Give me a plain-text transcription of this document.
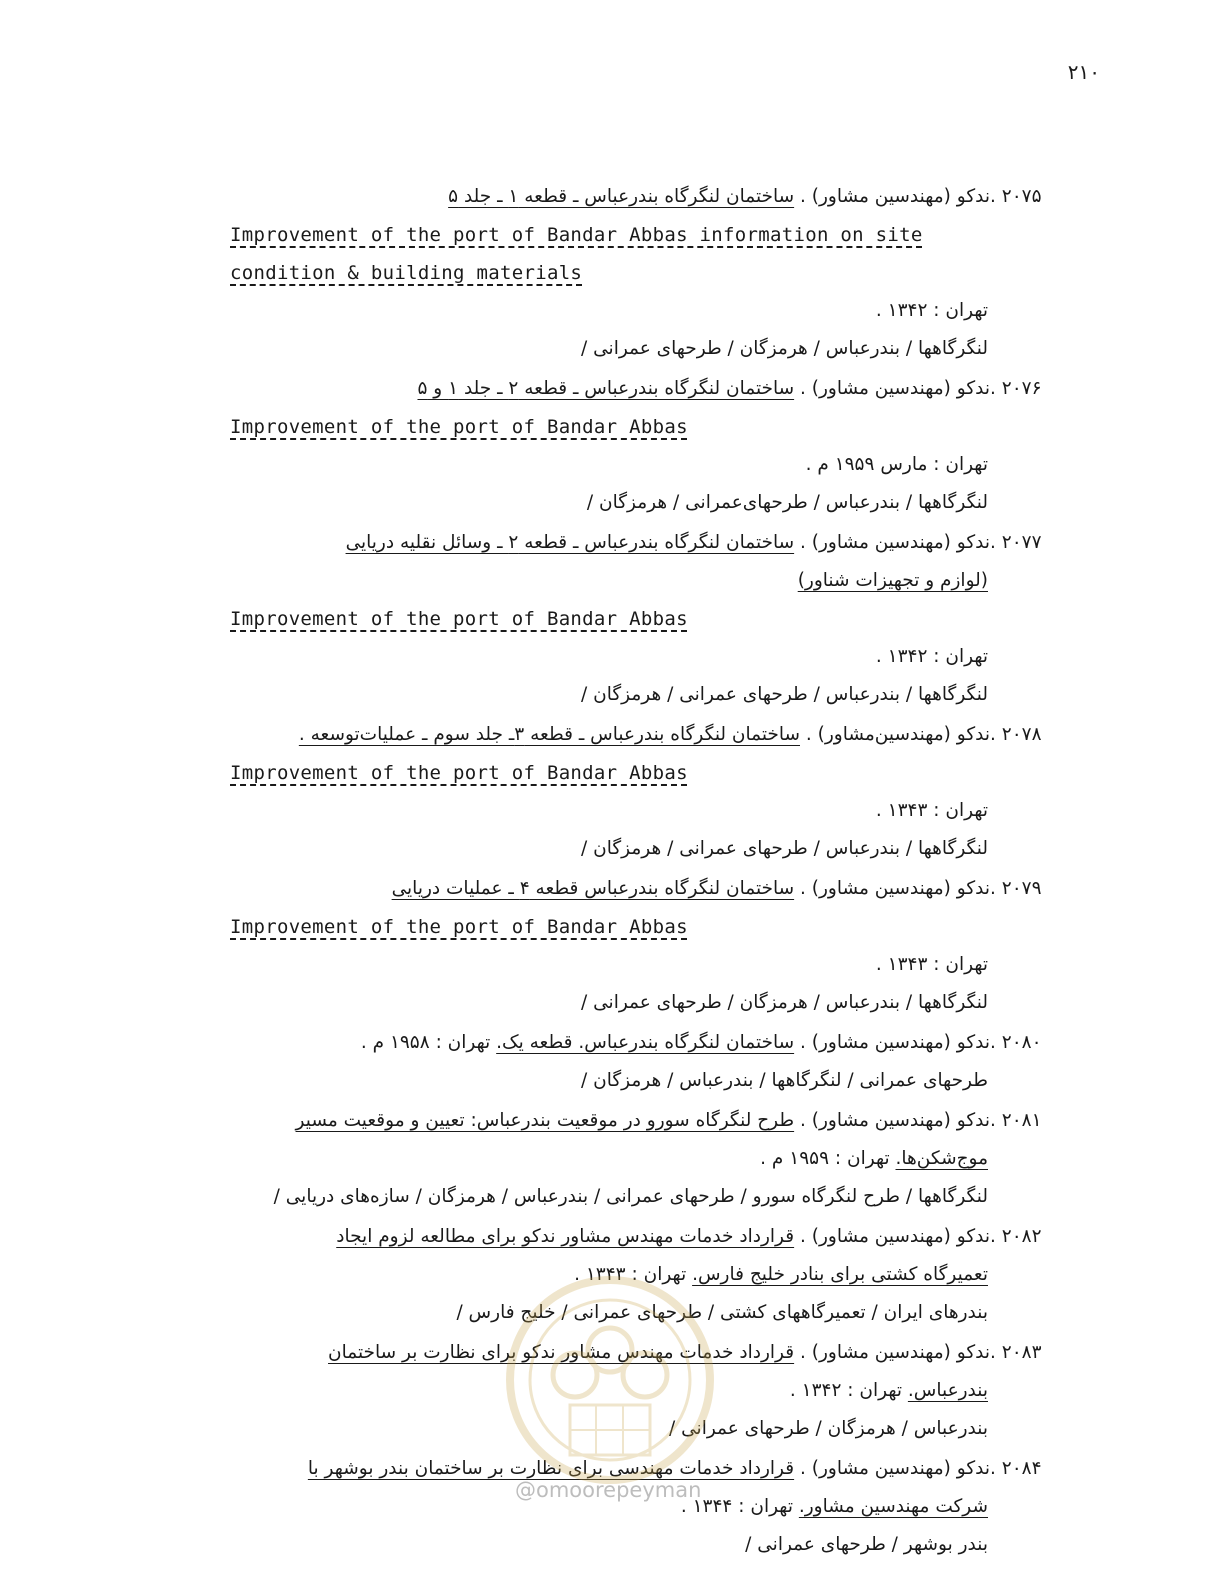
۲۱۰
۲۰۷۵ .ندکو (مهندسین مشاور) . ساختمان لنگرگاه بندرعباس ـ قطعه ۱ ـ جلد ۵
Improvement of the port of Bandar Abbas information on site
condition & building materials
تهران : ۱۳۴۲ .
لنگرگاهها / بندرعباس / هرمزگان / طرحهای عمرانی /
۲۰۷۶ .ندکو (مهندسین مشاور) . ساختمان لنگرگاه بندرعباس ـ قطعه ۲ ـ جلد ۱ و ۵
Improvement of the port of Bandar Abbas
تهران : مارس ۱۹۵۹ م .
لنگرگاهها / بندرعباس / طرحهای‌عمرانی / هرمزگان /
۲۰۷۷ .ندکو (مهندسین مشاور) . ساختمان لنگرگاه بندرعباس ـ قطعه ۲ ـ وسائل نقلیه دریایی
(لوازم و تجهیزات شناور)
Improvement of the port of Bandar Abbas
تهران : ۱۳۴۲ .
لنگرگاهها / بندرعباس / طرحهای عمرانی / هرمزگان /
۲۰۷۸ .ندکو (مهندسین‌مشاور) . ساختمان لنگرگاه بندرعباس ـ قطعه ۳ـ جلد سوم ـ عملیات‌توسعه .
Improvement of the port of Bandar Abbas
تهران : ۱۳۴۳ .
لنگرگاهها / بندرعباس / طرحهای عمرانی / هرمزگان /
۲۰۷۹ .ندکو (مهندسین مشاور) . ساختمان لنگرگاه بندرعباس قطعه ۴ ـ عملیات دریایی
Improvement of the port of Bandar Abbas
تهران : ۱۳۴۳ .
لنگرگاهها / بندرعباس / هرمزگان / طرحهای عمرانی /
۲۰۸۰ .ندکو (مهندسین مشاور) . ساختمان لنگرگاه بندرعباس. قطعه یک. تهران : ۱۹۵۸ م .
طرحهای عمرانی / لنگرگاهها / بندرعباس / هرمزگان /
۲۰۸۱ .ندکو (مهندسین مشاور) . طرح لنگرگاه سورو در موقعیت بندرعباس: تعیین و موقعیت مسیر
موج‌شکن‌ها. تهران : ۱۹۵۹ م .
لنگرگاهها / طرح لنگرگاه سورو / طرحهای عمرانی / بندرعباس / هرمزگان / سازه‌های دریایی /
۲۰۸۲ .ندکو (مهندسین مشاور) . قرارداد خدمات مهندس مشاور ندکو برای مطالعه لزوم ایجاد
تعمیرگاه کشتی برای بنادر خلیج فارس. تهران : ۱۳۴۳ .
بندرهای ایران / تعمیرگاههای کشتی / طرحهای عمرانی / خلیج فارس /
۲۰۸۳ .ندکو (مهندسین مشاور) . قرارداد خدمات مهندس مشاور ندکو برای نظارت بر ساختمان
بندرعباس. تهران : ۱۳۴۲ .
بندرعباس / هرمزگان / طرحهای عمرانی /
۲۰۸۴ .ندکو (مهندسین مشاور) . قرارداد خدمات مهندسی برای نظارت بر ساختمان بندر بوشهر با
شرکت مهندسین مشاور. تهران : ۱۳۴۴ .
بندر بوشهر / طرحهای عمرانی /
@omoorepeyman
